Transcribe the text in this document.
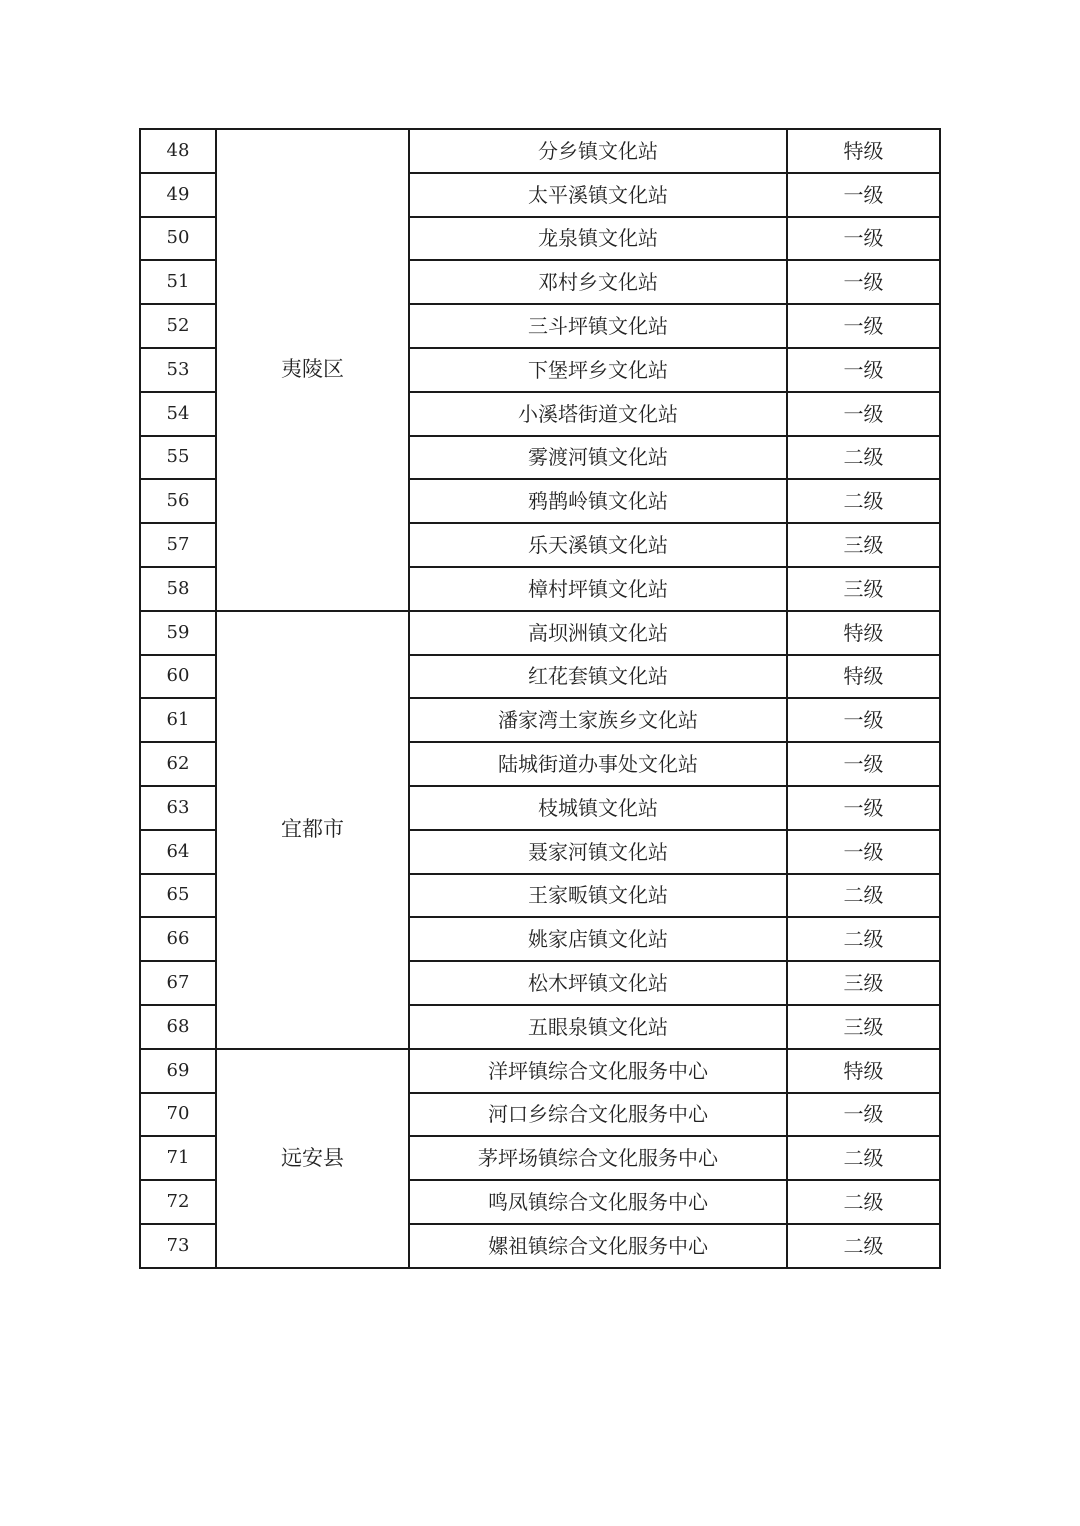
48	夷陵区	分乡镇文化站	特级
49		太平溪镇文化站	一级
50		龙泉镇文化站	一级
51		邓村乡文化站	一级
52		三斗坪镇文化站	一级
53		下堡坪乡文化站	一级
54		小溪塔街道文化站	一级
55		雾渡河镇文化站	二级
56		鸦鹊岭镇文化站	二级
57		乐天溪镇文化站	三级
58		樟村坪镇文化站	三级
59	宜都市	高坝洲镇文化站	特级
60		红花套镇文化站	特级
61		潘家湾土家族乡文化站	一级
62		陆城街道办事处文化站	一级
63		枝城镇文化站	一级
64		聂家河镇文化站	一级
65		王家畈镇文化站	二级
66		姚家店镇文化站	二级
67		松木坪镇文化站	三级
68		五眼泉镇文化站	三级
69	远安县	洋坪镇综合文化服务中心	特级
70		河口乡综合文化服务中心	一级
71		茅坪场镇综合文化服务中心	二级
72		鸣凤镇综合文化服务中心	二级
73		嫘祖镇综合文化服务中心	二级
